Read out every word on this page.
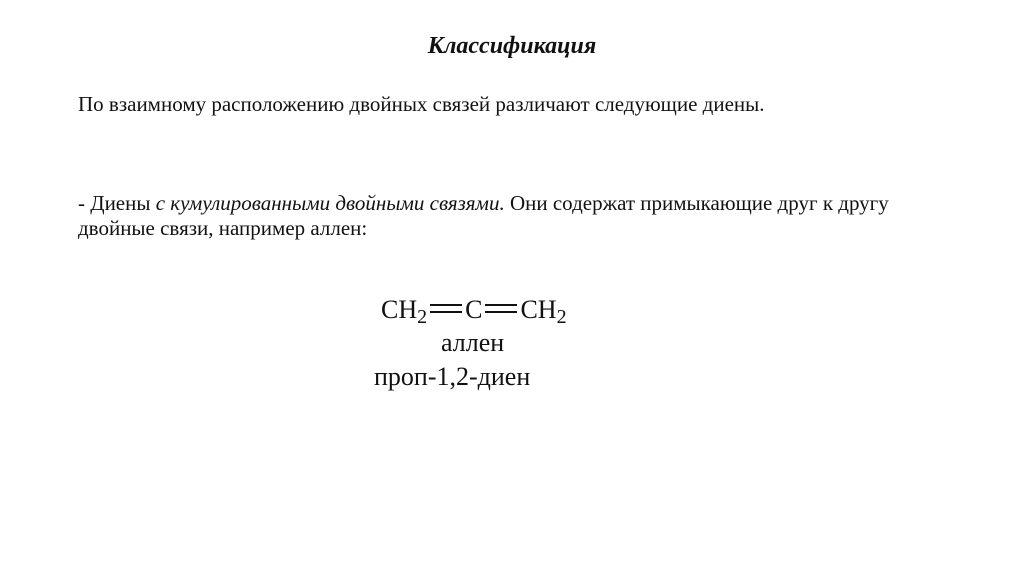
Классификация
По взаимному расположению двойных связей различают следующие диены.
- Диены с кумулированными двойными связями. Они содержат примыкающие друг к другу двойные связи, например аллен:
$CH_2$ C $CH_2$
аллен
проп-1,2-диен
